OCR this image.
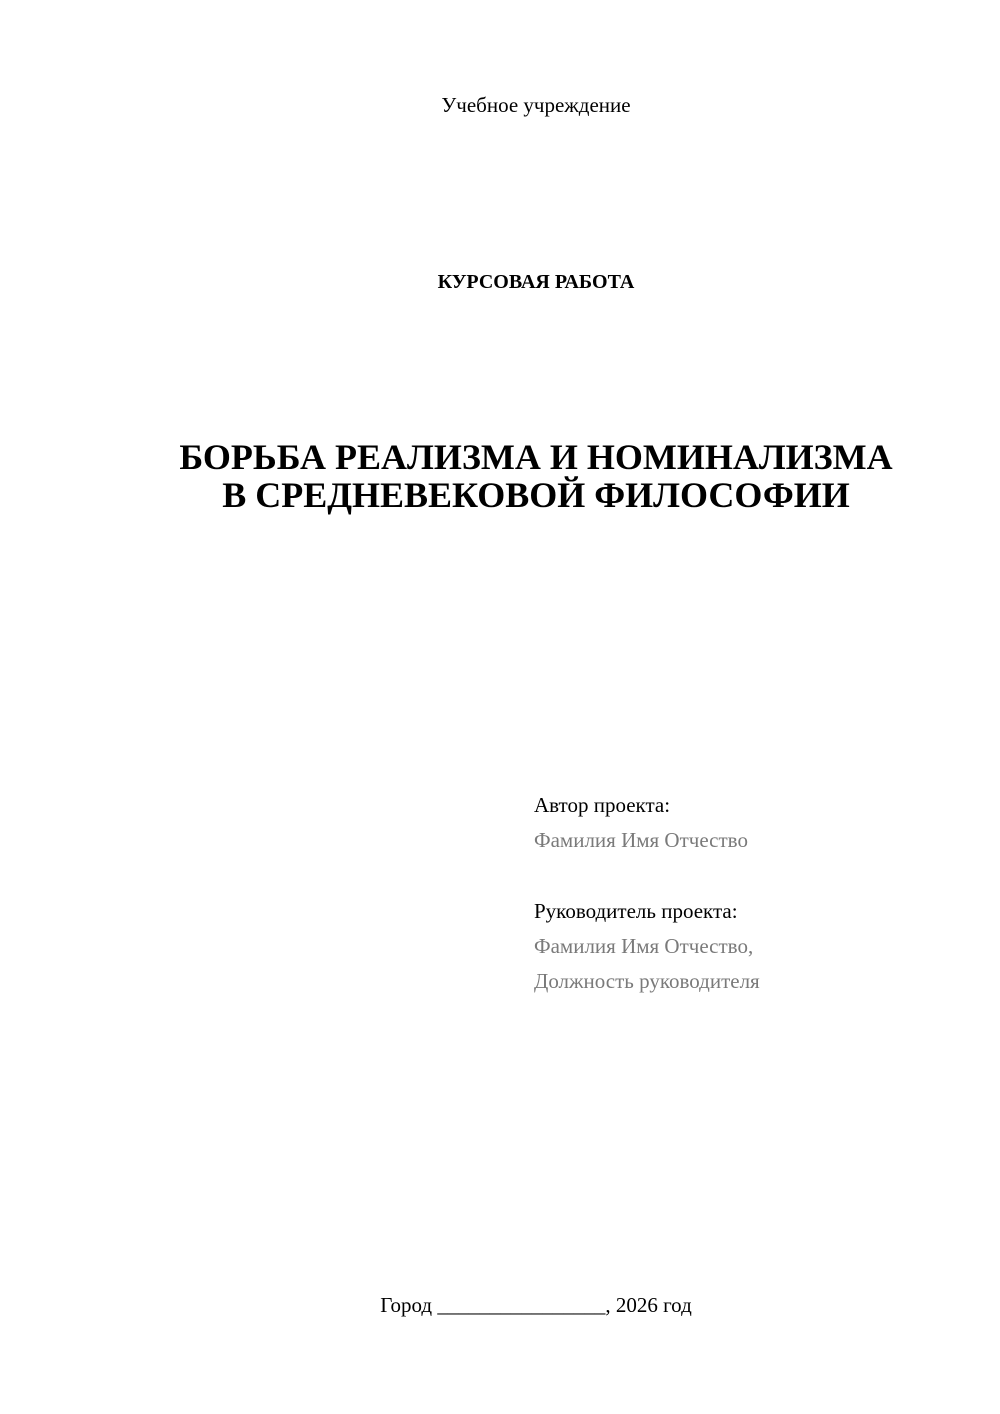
Учебное учреждение
КУРСОВАЯ РАБОТА
БОРЬБА РЕАЛИЗМА И НОМИНАЛИЗМА
В СРЕДНЕВЕКОВОЙ ФИЛОСОФИИ
Автор проекта:
Фамилия Имя Отчество
Руководитель проекта:
Фамилия Имя Отчество,
Должность руководителя
Город ________________, 2026 год
